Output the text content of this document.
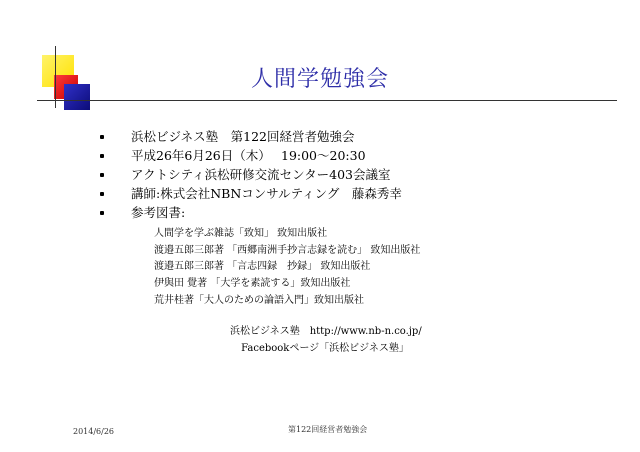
人間学勉強会
浜松ビジネス塾　第122回経営者勉強会
平成26年6月26日（木）　 19:00～20:30
アクトシティ浜松研修交流センター403会議室
講師:株式会社NBNコンサルティング　藤森秀幸
参考図書:
人間学を学ぶ雑誌「致知」 致知出版社
渡邉五郎三郎著 「西郷南洲手抄言志録を読む」 致知出版社
渡邉五郎三郎著 「言志四録　抄録」 致知出版社
伊與田 覺著 「大学を素読する」致知出版社
荒井桂著「大人のための論語入門」致知出版社
浜松ビジネス塾　http://www.nb-n.co.jp/
Facebookページ「浜松ビジネス塾」
2014/6/26	第122回経営者勉強会
